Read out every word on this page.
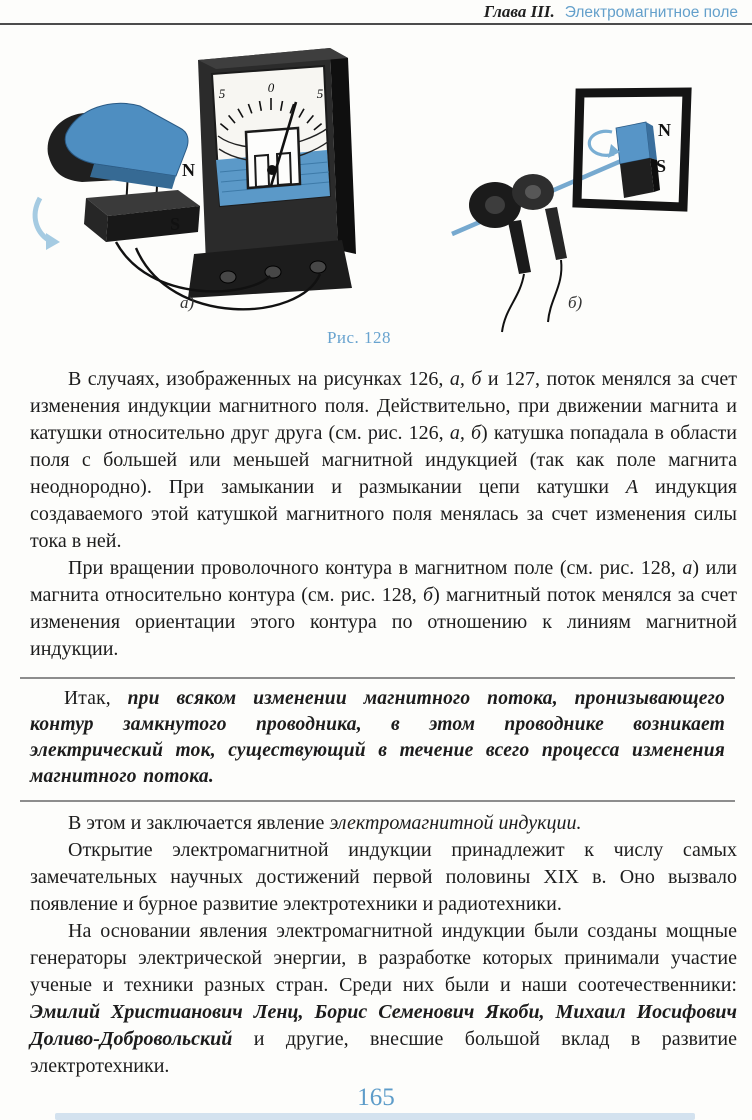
Глава III. Электромагнитное поле
5	0	5
N
S
а)
N
S
б)
Рис. 128

В случаях, изображенных на рисунках 126, а, б и 127, поток менялся за счет изменения индукции магнитного поля. Действительно, при движении магнита и катушки относительно друг друга (см. рис. 126, а, б) катушка попадала в области поля с большей или меньшей магнитной индукцией (так как поле магнита неоднородно). При замыкании и размыкании цепи катушки А индукция создаваемого этой катушкой магнитного поля менялась за счет изменения силы тока в ней.

При вращении проволочного контура в магнитном поле (см. рис. 128, а) или магнита относительно контура (см. рис. 128, б) магнитный поток менялся за счет изменения ориентации этого контура по отношению к линиям магнитной индукции.

Итак, при всяком изменении магнитного потока, пронизывающего контур замкнутого проводника, в этом проводнике возникает электрический ток, существующий в течение всего процесса изменения магнитного потока.

В этом и заключается явление электромагнитной индукции.

Открытие электромагнитной индукции принадлежит к числу самых замечательных научных достижений первой половины XIX в. Оно вызвало появление и бурное развитие электротехники и радиотехники.

На основании явления электромагнитной индукции были созданы мощные генераторы электрической энергии, в разработке которых принимали участие ученые и техники разных стран. Среди них были и наши соотечественники: Эмилий Христианович Ленц, Борис Семенович Якоби, Михаил Иосифович Доливо-Добровольский и другие, внесшие большой вклад в развитие электротехники.

165
